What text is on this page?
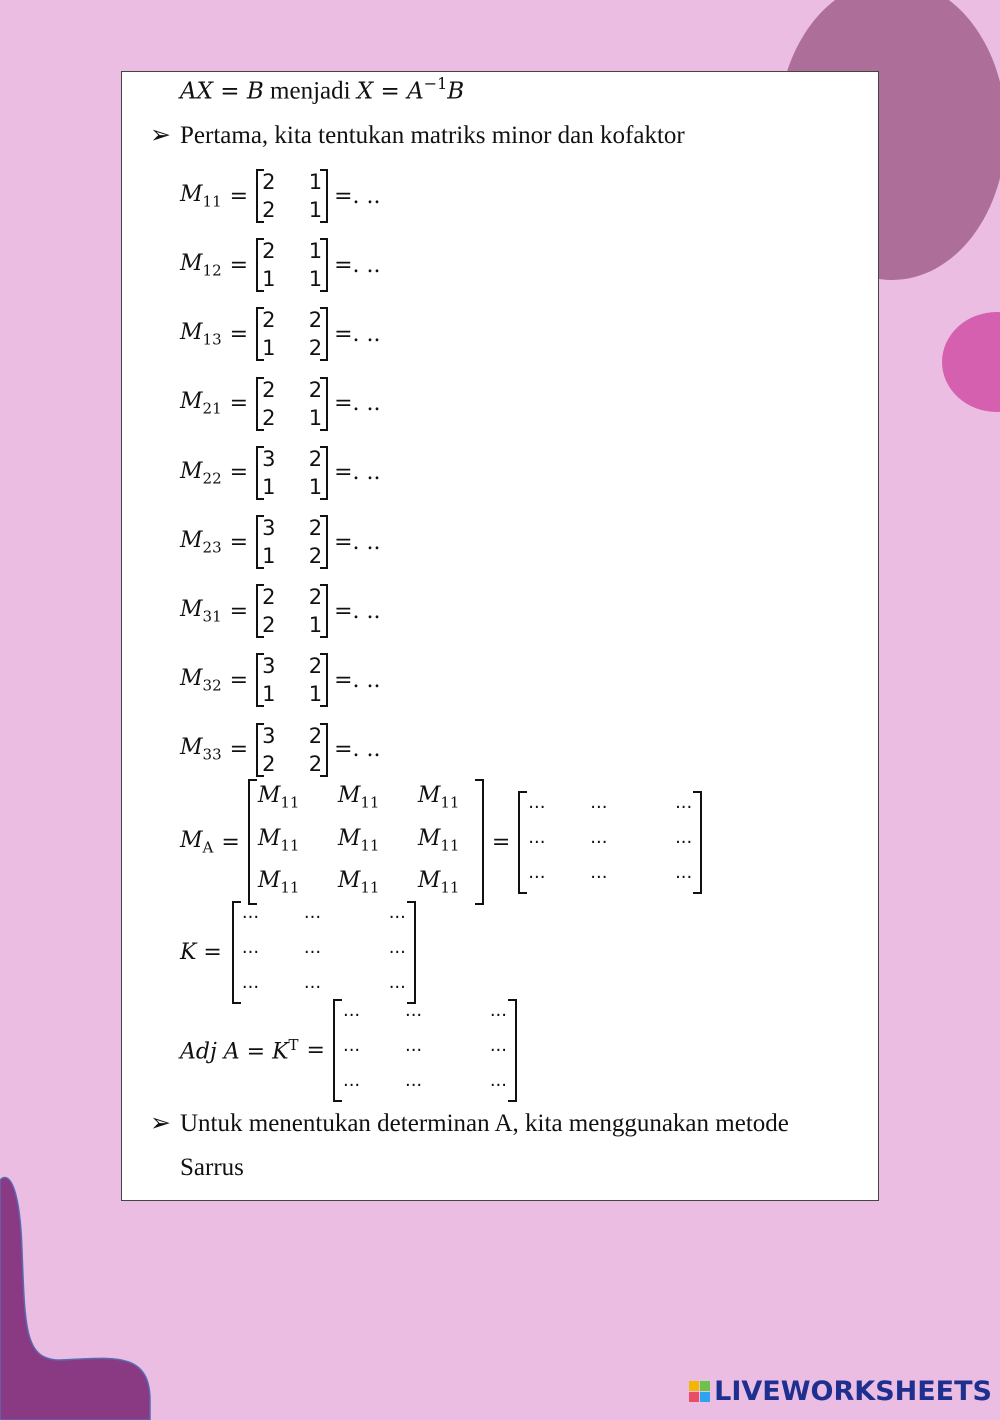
AX = B menjadi $X = A^{-1}B$
➢ Pertama, kita tentukan matriks minor dan kofaktor
$M_{11}$ =
2	1
2	1
=. ..
$M_{12}$ =
2	1
1	1
=. ..
$M_{13}$ =
2	2
1	2
=. ..
$M_{21}$ =
2	2
2	1
=. ..
$M_{22}$ =
3	2
1	1
=. ..
$M_{23}$ =
3	2
1	2
=. ..
$M_{31}$ =
2	2
2	1
=. ..
$M_{32}$ =
3	2
1	1
=. ..
$M_{33}$ =
3	2
2	2
=. ..
$M_A$ =
$M_{11}$	$M_{11}$	$M_{11}$
$M_{11}$	$M_{11}$	$M_{11}$
$M_{11}$	$M_{11}$	$M_{11}$
=
···	···	···
···	···	···
···	···	···
K =
···	···	···
···	···	···
···	···	···
Adj $A = K^T$ =
···	···	···
···	···	···
···	···	···
➢ Untuk menentukan determinan A, kita menggunakan metode
Sarrus
LIVEWORKSHEETS
